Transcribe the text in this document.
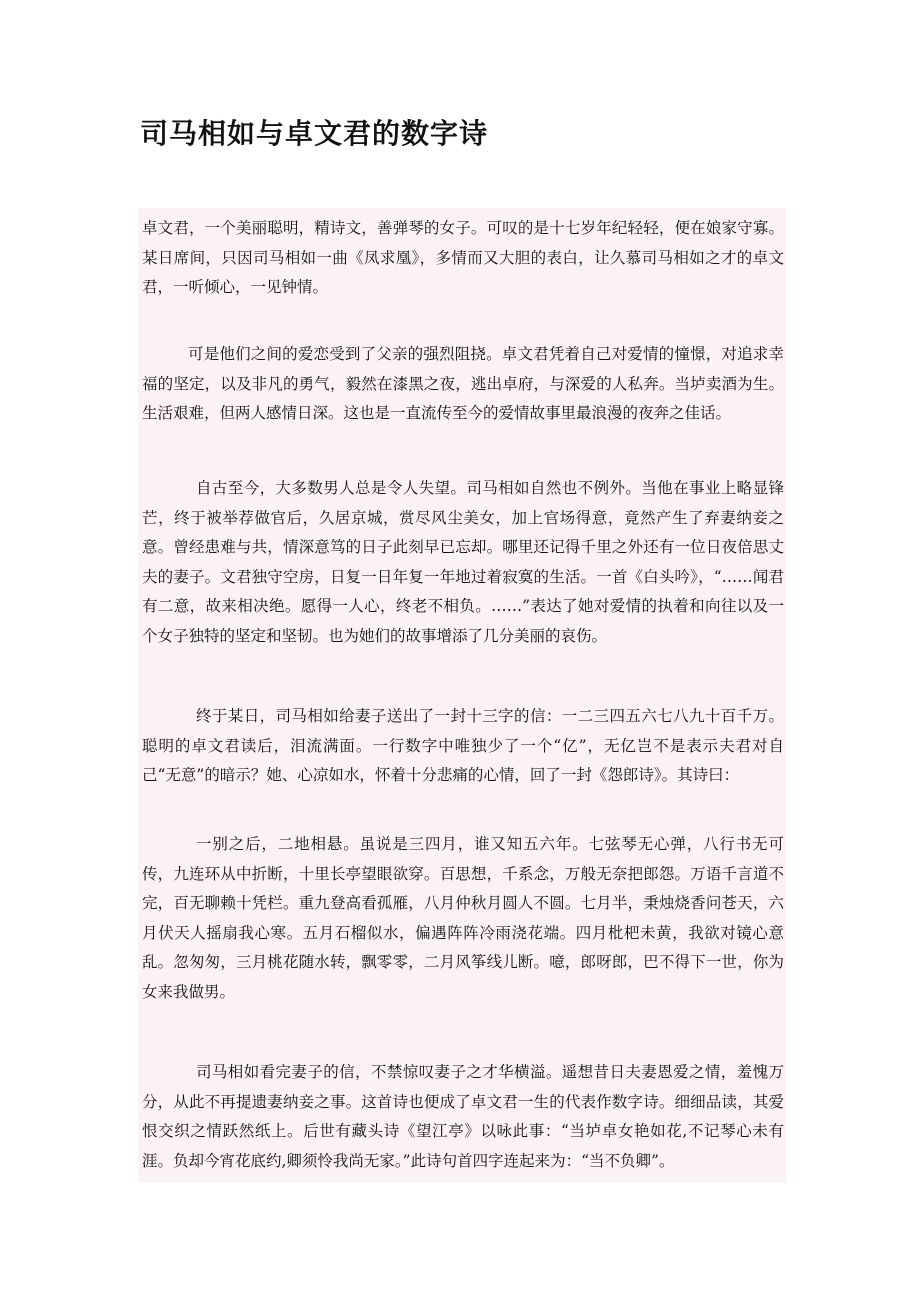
司马相如与卓文君的数字诗

卓文君，一个美丽聪明，精诗文，善弹琴的女子。可叹的是十七岁年纪轻轻，便在娘家守寡。某日席间，只因司马相如一曲《凤求凰》，多情而又大胆的表白，让久慕司马相如之才的卓文君，一听倾心，一见钟情。

可是他们之间的爱恋受到了父亲的强烈阻挠。卓文君凭着自己对爱情的憧憬，对追求幸福的坚定，以及非凡的勇气，毅然在漆黑之夜，逃出卓府，与深爱的人私奔。当垆卖酒为生。生活艰难，但两人感情日深。这也是一直流传至今的爱情故事里最浪漫的夜奔之佳话。

自古至今，大多数男人总是令人失望。司马相如自然也不例外。当他在事业上略显锋芒，终于被举荐做官后，久居京城，赏尽风尘美女，加上官场得意，竟然产生了弃妻纳妾之意。曾经患难与共，情深意笃的日子此刻早已忘却。哪里还记得千里之外还有一位日夜倍思丈夫的妻子。文君独守空房，日复一日年复一年地过着寂寞的生活。一首《白头吟》，“……闻君有二意，故来相决绝。愿得一人心，终老不相负。……”表达了她对爱情的执着和向往以及一个女子独特的坚定和坚韧。也为她们的故事增添了几分美丽的哀伤。

终于某日，司马相如给妻子送出了一封十三字的信：一二三四五六七八九十百千万。聪明的卓文君读后，泪流满面。一行数字中唯独少了一个“亿”，无亿岂不是表示夫君对自己“无意”的暗示？她、心凉如水，怀着十分悲痛的心情，回了一封《怨郎诗》。其诗曰：

一别之后，二地相悬。虽说是三四月，谁又知五六年。七弦琴无心弹，八行书无可传，九连环从中折断，十里长亭望眼欲穿。百思想，千系念，万般无奈把郎怨。万语千言道不完，百无聊赖十凭栏。重九登高看孤雁，八月仲秋月圆人不圆。七月半，秉烛烧香问苍天，六月伏天人摇扇我心寒。五月石榴似水，偏遇阵阵冷雨浇花端。四月枇杷未黄，我欲对镜心意乱。忽匆匆，三月桃花随水转，飘零零，二月风筝线儿断。噫，郎呀郎，巴不得下一世，你为女来我做男。

司马相如看完妻子的信，不禁惊叹妻子之才华横溢。遥想昔日夫妻恩爱之情，羞愧万分，从此不再提遗妻纳妾之事。这首诗也便成了卓文君一生的代表作数字诗。细细品读，其爱恨交织之情跃然纸上。后世有藏头诗《望江亭》以咏此事：“当垆卓女艳如花,不记琴心未有涯。负却今宵花底约,卿须怜我尚无家。”此诗句首四字连起来为：“当不负卿”。
